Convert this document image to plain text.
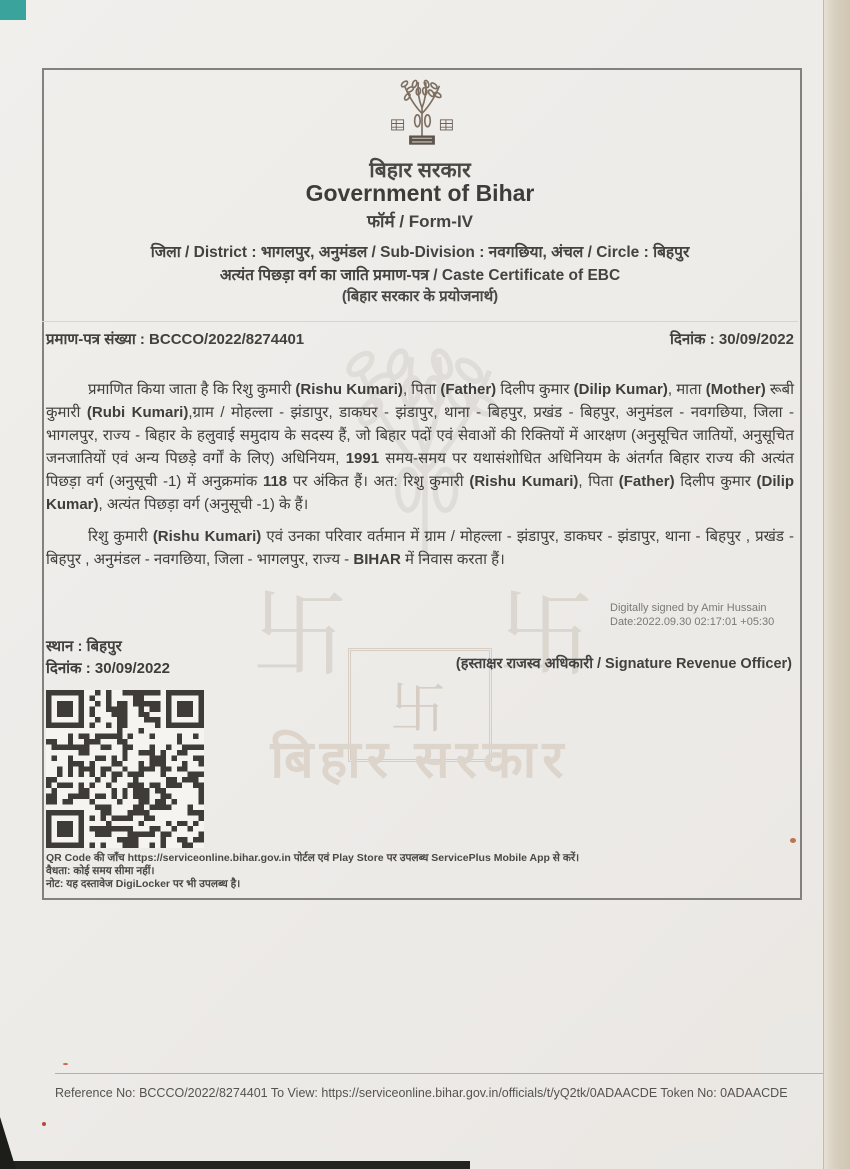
卐 卐
卐
बिहार सरकार
बिहार सरकार
Government of Bihar
फॉर्म / Form-IV
जिला / District : भागलपुर, अनुमंडल / Sub-Division : नवगछिया, अंचल / Circle : बिहपुर
अत्यंत पिछड़ा वर्ग का जाति प्रमाण-पत्र / Caste Certificate of EBC
(बिहार सरकार के प्रयोजनार्थ)
प्रमाण-पत्र संख्या : BCCCO/2022/8274401	दिनांक : 30/09/2022
प्रमाणित किया जाता है कि रिशु कुमारी (Rishu Kumari), पिता (Father) दिलीप कुमार (Dilip Kumar), माता (Mother) रूबी कुमारी (Rubi Kumari),ग्राम / मोहल्ला - झंडापुर, डाकघर - झंडापुर, थाना - बिहपुर, प्रखंड - बिहपुर, अनुमंडल - नवगछिया, जिला - भागलपुर, राज्य - बिहार के हलुवाई समुदाय के सदस्य हैं, जो बिहार पदों एवं सेवाओं की रिक्तियों में आरक्षण (अनुसूचित जातियों, अनुसूचित जनजातियों एवं अन्य पिछड़े वर्गों के लिए) अधिनियम, 1991 समय-समय पर यथासंशोधित अधिनियम के अंतर्गत बिहार राज्य की अत्यंत पिछड़ा वर्ग (अनुसूची -1) में अनुक्रमांक 118 पर अंकित हैं। अत: रिशु कुमारी (Rishu Kumari), पिता (Father) दिलीप कुमार (Dilip Kumar), अत्यंत पिछड़ा वर्ग (अनुसूची -1) के हैं।
रिशु कुमारी (Rishu Kumari) एवं उनका परिवार वर्तमान में ग्राम / मोहल्ला - झंडापुर, डाकघर - झंडापुर, थाना - बिहपुर , प्रखंड - बिहपुर , अनुमंडल - नवगछिया, जिला - भागलपुर, राज्य - BIHAR में निवास करता हैं।
Digitally signed by Amir Hussain
Date:2022.09.30 02:17:01 +05:30
स्थान : बिहपुर
दिनांक : 30/09/2022	(हस्ताक्षर राजस्व अधिकारी / Signature Revenue Officer)
QR Code की जाँच https://serviceonline.bihar.gov.in पोर्टल एवं Play Store पर उपलब्ध ServicePlus Mobile App से करें।
वैधता: कोई समय सीमा नहीं।
नोट: यह दस्तावेज DigiLocker पर भी उपलब्ध है।
Reference No: BCCCO/2022/8274401 To View: https://serviceonline.bihar.gov.in/officials/t/yQ2tk/0ADAACDE Token No: 0ADAACDE
